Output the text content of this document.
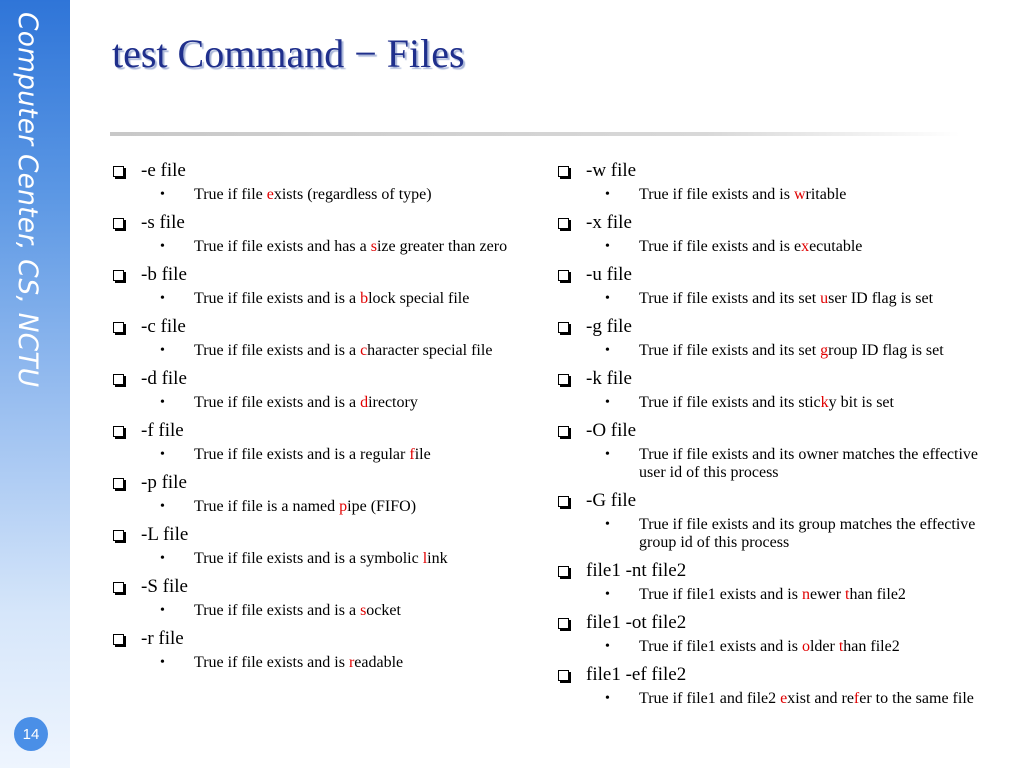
Computer Center, CS, NCTU
14
test Command − Files
-e file
•	True if file exists (regardless of type)
-s file
•	True if file exists and has a size greater than zero
-b file
•	True if file exists and is a block special file
-c file
•	True if file exists and is a character special file
-d file
•	True if file exists and is a directory
-f file
•	True if file exists and is a regular file
-p file
•	True if file is a named pipe (FIFO)
-L file
•	True if file exists and is a symbolic link
-S file
•	True if file exists and is a socket
-r file
•	True if file exists and is readable
-w file
•	True if file exists and is writable
-x file
•	True if file exists and is executable
-u file
•	True if file exists and its set user ID flag is set
-g file
•	True if file exists and its set group ID flag is set
-k file
•	True if file exists and its sticky bit is set
-O file
•	True if file exists and its owner matches the effective user id of this process
-G file
•	True if file exists and its group matches the effective group id of this process
file1 -nt file2
•	True if file1 exists and is newer than file2
file1 -ot file2
•	True if file1 exists and is older than file2
file1 -ef file2
•	True if file1 and file2 exist and refer to the same file
